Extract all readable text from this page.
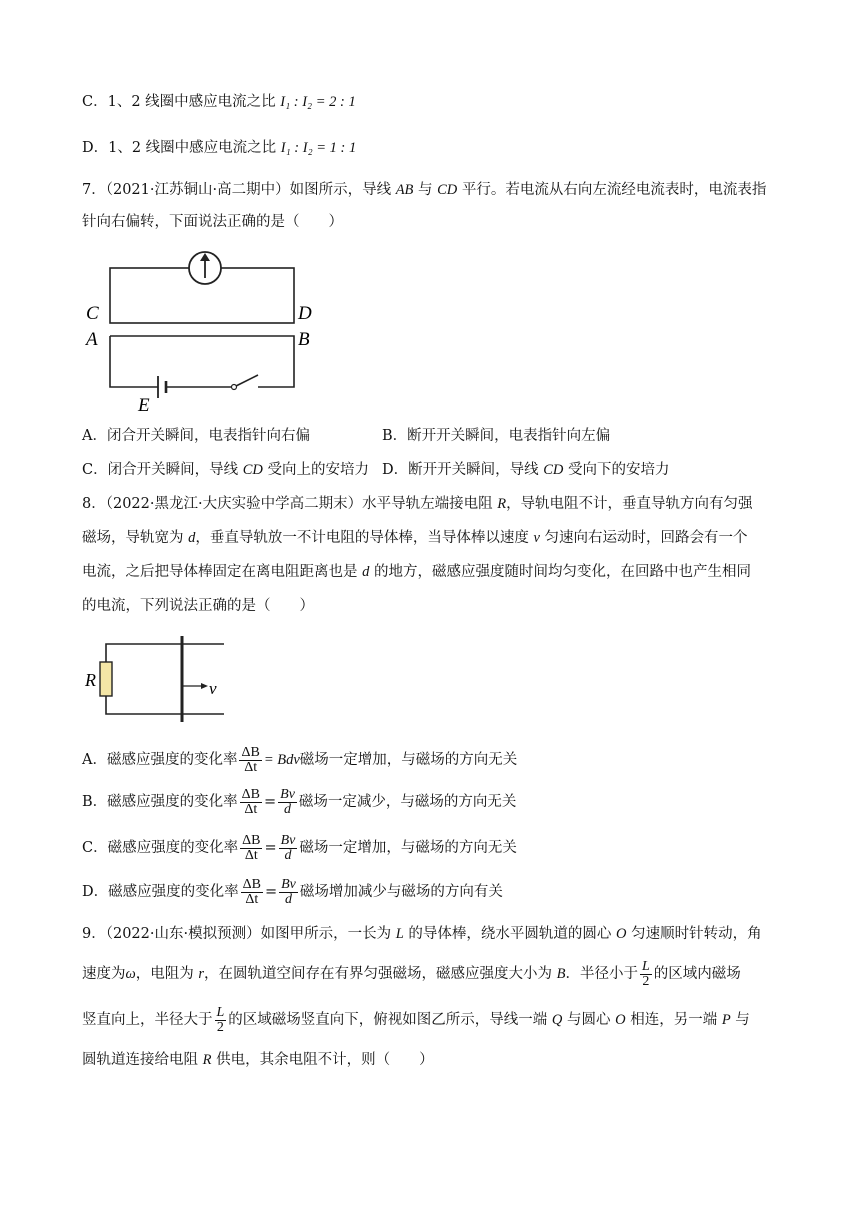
C．1、2 线圈中感应电流之比 I₁ : I₂ = 2 : 1
D．1、2 线圈中感应电流之比 I₁ : I₂ = 1 : 1
7．（2021·江苏铜山·高二期中）如图所示，导线 AB 与 CD 平行。若电流从右向左流经电流表时，电流表指
针向右偏转，下面说法正确的是（　　）
C	D
A	B
E
A．闭合开关瞬间，电表指针向右偏	B．断开开关瞬间，电表指针向左偏
C．闭合开关瞬间，导线 CD 受向上的安培力 D．断开开关瞬间，导线 CD 受向下的安培力
8．（2022·黑龙江·大庆实验中学高二期末）水平导轨左端接电阻 R，导轨电阻不计，垂直导轨方向有匀强
磁场，导轨宽为 d，垂直导轨放一不计电阻的导体棒，当导体棒以速度 v 匀速向右运动时，回路会有一个
电流，之后把导体棒固定在离电阻距离也是 d 的地方，磁感应强度随时间均匀变化，在回路中也产生相同
的电流，下列说法正确的是（　　）
R	v
A．磁感应强度的变化率 $\frac{\Delta B}{\Delta t}$ = Bdv磁场一定增加，与磁场的方向无关
B．磁感应强度的变化率 $\frac{\Delta B}{\Delta t} = \frac{Bv}{d}$ 磁场一定减少，与磁场的方向无关
C．磁感应强度的变化率 $\frac{\Delta B}{\Delta t} = \frac{Bv}{d}$ 磁场一定增加，与磁场的方向无关
D．磁感应强度的变化率 $\frac{\Delta B}{\Delta t} = \frac{Bv}{d}$ 磁场增加减少与磁场的方向有关
9．（2022·山东·模拟预测）如图甲所示，一长为 L 的导体棒，绕水平圆轨道的圆心 O 匀速顺时针转动，角
速度为ω，电阻为 r，在圆轨道空间存在有界匀强磁场，磁感应强度大小为 B．半径小于 $\frac{L}{2}$ 的区域内磁场
竖直向上，半径大于 $\frac{L}{2}$ 的区域磁场竖直向下，俯视如图乙所示，导线一端 Q 与圆心 O 相连，另一端 P 与
圆轨道连接给电阻 R 供电，其余电阻不计，则（　　）
